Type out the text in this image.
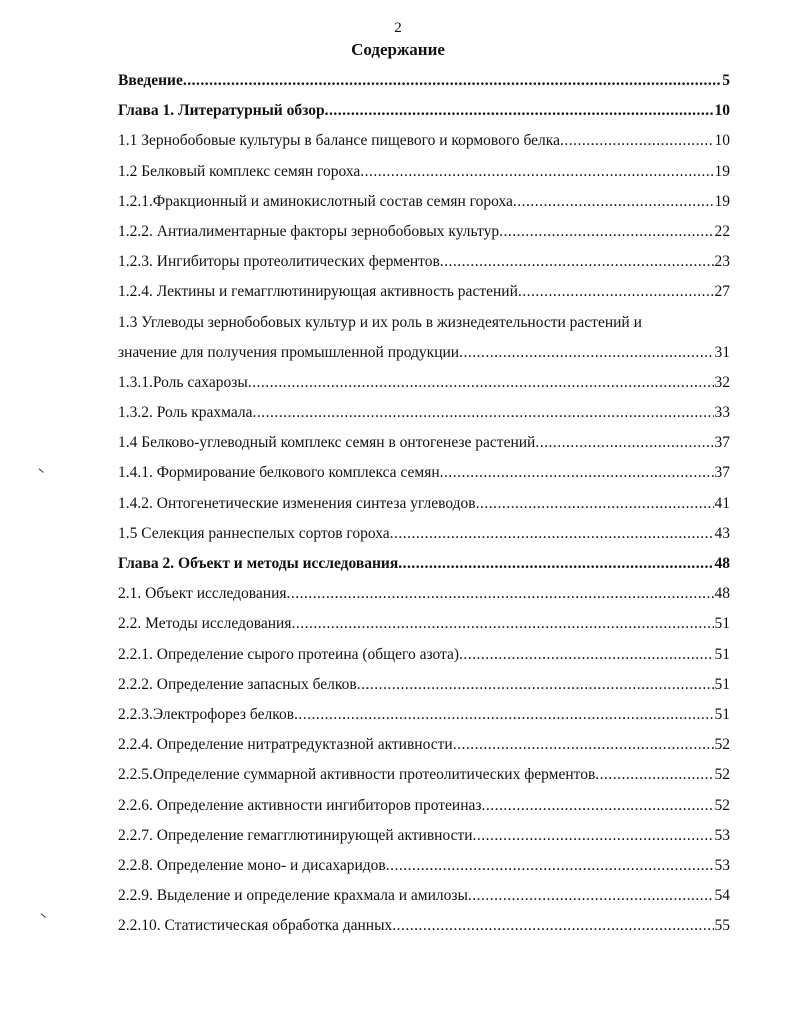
2
Содержание
Введение .....	5
Глава 1. Литературный обзор .....	10
1.1 Зернобобовые культуры в балансе пищевого и кормового белка .....	10
1.2 Белковый комплекс семян гороха .....	19
1.2.1.Фракционный и аминокислотный состав семян гороха .....	19
1.2.2. Антиалиментарные факторы зернобобовых культур .....	22
1.2.3. Ингибиторы протеолитических ферментов .....	23
1.2.4. Лектины и гемагглютинирующая активность растений .....	27
1.3 Углеводы зернобобовых культур и их роль в жизнедеятельности растений и
значение для получения промышленной продукции .....	31
1.3.1.Роль сахарозы .....	32
1.3.2. Роль крахмала .....	33
1.4 Белково-углеводный комплекс семян в онтогенезе растений .....	37
1.4.1. Формирование белкового комплекса семян .....	37
1.4.2. Онтогенетические изменения синтеза углеводов .....	41
1.5 Селекция раннеспелых сортов гороха .....	43
Глава 2. Объект и методы исследования .....	48
2.1. Объект исследования .....	48
2.2. Методы исследования .....	51
2.2.1. Определение сырого протеина (общего азота) .....	51
2.2.2. Определение запасных белков .....	51
2.2.3.Электрофорез белков .....	51
2.2.4. Определение нитратредуктазной активности .....	52
2.2.5.Определение суммарной активности протеолитических ферментов .....	52
2.2.6. Определение активности ингибиторов протеиназ .....	52
2.2.7. Определение гемагглютинирующей активности .....	53
2.2.8. Определение моно- и дисахаридов .....	53
2.2.9. Выделение и определение крахмала и амилозы .....	54
2.2.10. Статистическая обработка данных .....	55
